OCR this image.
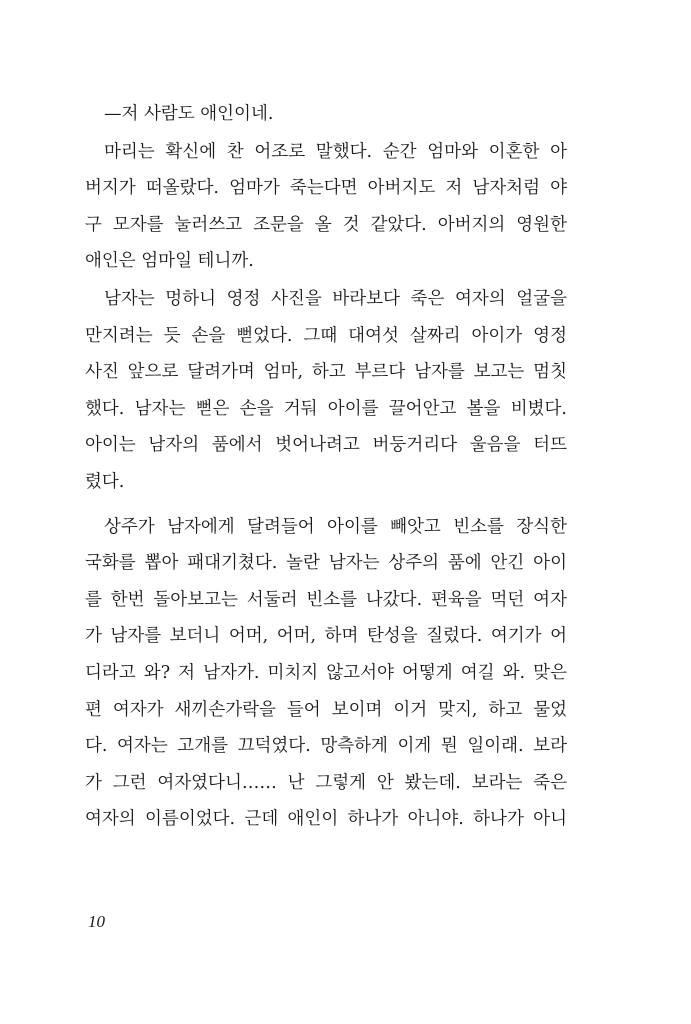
—저 사람도 애인이네.
마리는 확신에 찬 어조로 말했다. 순간 엄마와 이혼한 아
버지가 떠올랐다. 엄마가 죽는다면 아버지도 저 남자처럼 야
구 모자를 눌러쓰고 조문을 올 것 같았다. 아버지의 영원한
애인은 엄마일 테니까.
남자는 멍하니 영정 사진을 바라보다 죽은 여자의 얼굴을
만지려는 듯 손을 뻗었다. 그때 대여섯 살짜리 아이가 영정
사진 앞으로 달려가며 엄마, 하고 부르다 남자를 보고는 멈칫
했다. 남자는 뻗은 손을 거둬 아이를 끌어안고 볼을 비볐다.
아이는 남자의 품에서 벗어나려고 버둥거리다 울음을 터뜨
렸다.
상주가 남자에게 달려들어 아이를 빼앗고 빈소를 장식한
국화를 뽑아 패대기쳤다. 놀란 남자는 상주의 품에 안긴 아이
를 한번 돌아보고는 서둘러 빈소를 나갔다. 편육을 먹던 여자
가 남자를 보더니 어머, 어머, 하며 탄성을 질렀다. 여기가 어
디라고 와? 저 남자가. 미치지 않고서야 어떻게 여길 와. 맞은
편 여자가 새끼손가락을 들어 보이며 이거 맞지, 하고 물었
다. 여자는 고개를 끄덕였다. 망측하게 이게 뭔 일이래. 보라
가 그런 여자였다니…… 난 그렇게 안 봤는데. 보라는 죽은
여자의 이름이었다. 근데 애인이 하나가 아니야. 하나가 아니
10
